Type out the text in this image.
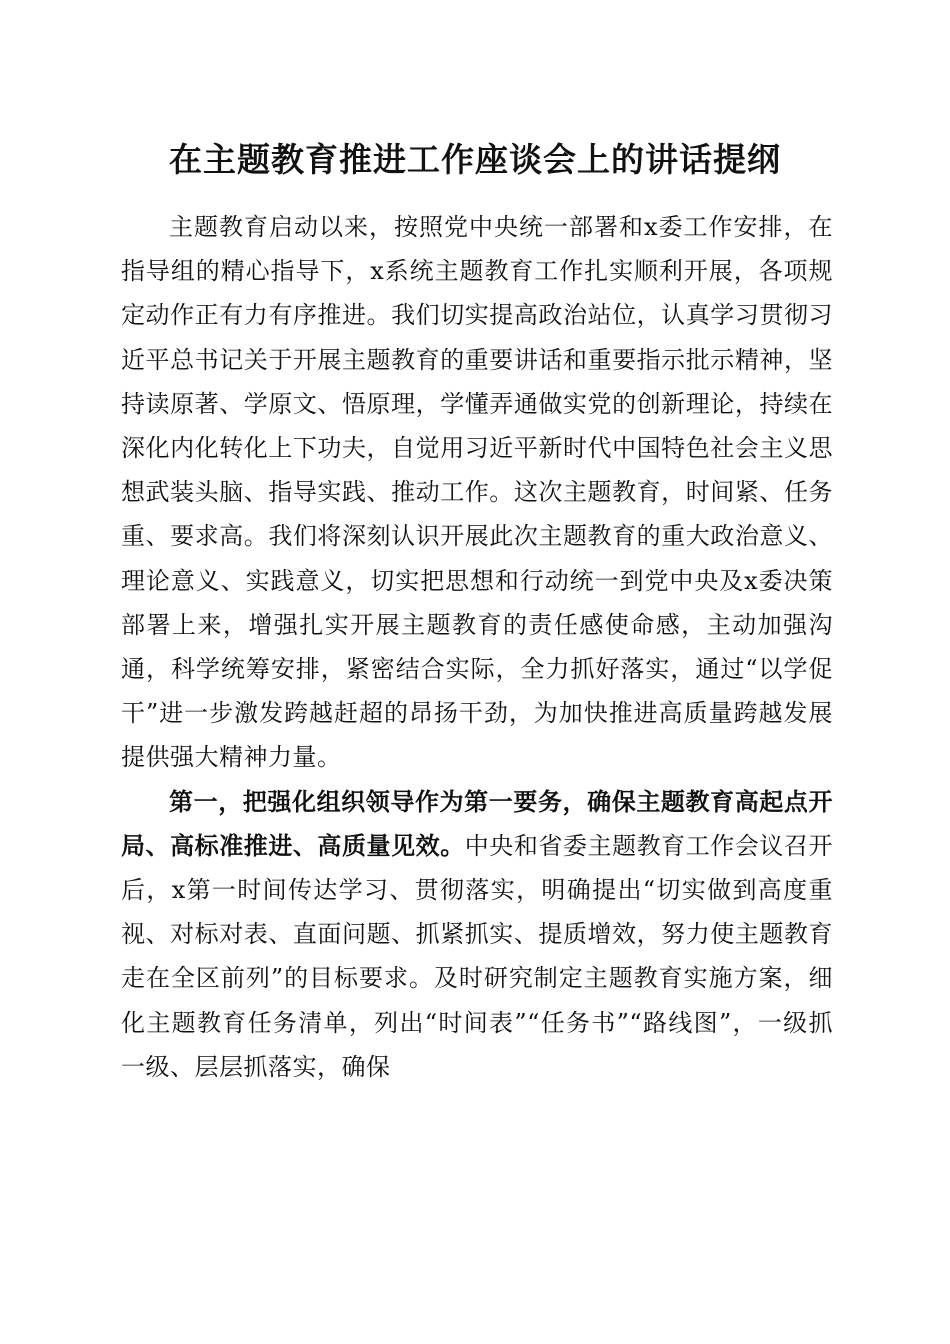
在主题教育推进工作座谈会上的讲话提纲

主题教育启动以来，按照党中央统一部署和x委工作安排，在指导组的精心指导下，x系统主题教育工作扎实顺利开展，各项规定动作正有力有序推进。我们切实提高政治站位，认真学习贯彻习近平总书记关于开展主题教育的重要讲话和重要指示批示精神，坚持读原著、学原文、悟原理，学懂弄通做实党的创新理论，持续在深化内化转化上下功夫，自觉用习近平新时代中国特色社会主义思想武装头脑、指导实践、推动工作。这次主题教育，时间紧、任务重、要求高。我们将深刻认识开展此次主题教育的重大政治意义、理论意义、实践意义，切实把思想和行动统一到党中央及x委决策部署上来，增强扎实开展主题教育的责任感使命感，主动加强沟通，科学统筹安排，紧密结合实际，全力抓好落实，通过“以学促干”进一步激发跨越赶超的昂扬干劲，为加快推进高质量跨越发展提供强大精神力量。

第一，把强化组织领导作为第一要务，确保主题教育高起点开局、高标准推进、高质量见效。中央和省委主题教育工作会议召开后，x第一时间传达学习、贯彻落实，明确提出“切实做到高度重视、对标对表、直面问题、抓紧抓实、提质增效，努力使主题教育走在全区前列”的目标要求。及时研究制定主题教育实施方案，细化主题教育任务清单，列出“时间表”“任务书”“路线图”，一级抓一级、层层抓落实，确保
